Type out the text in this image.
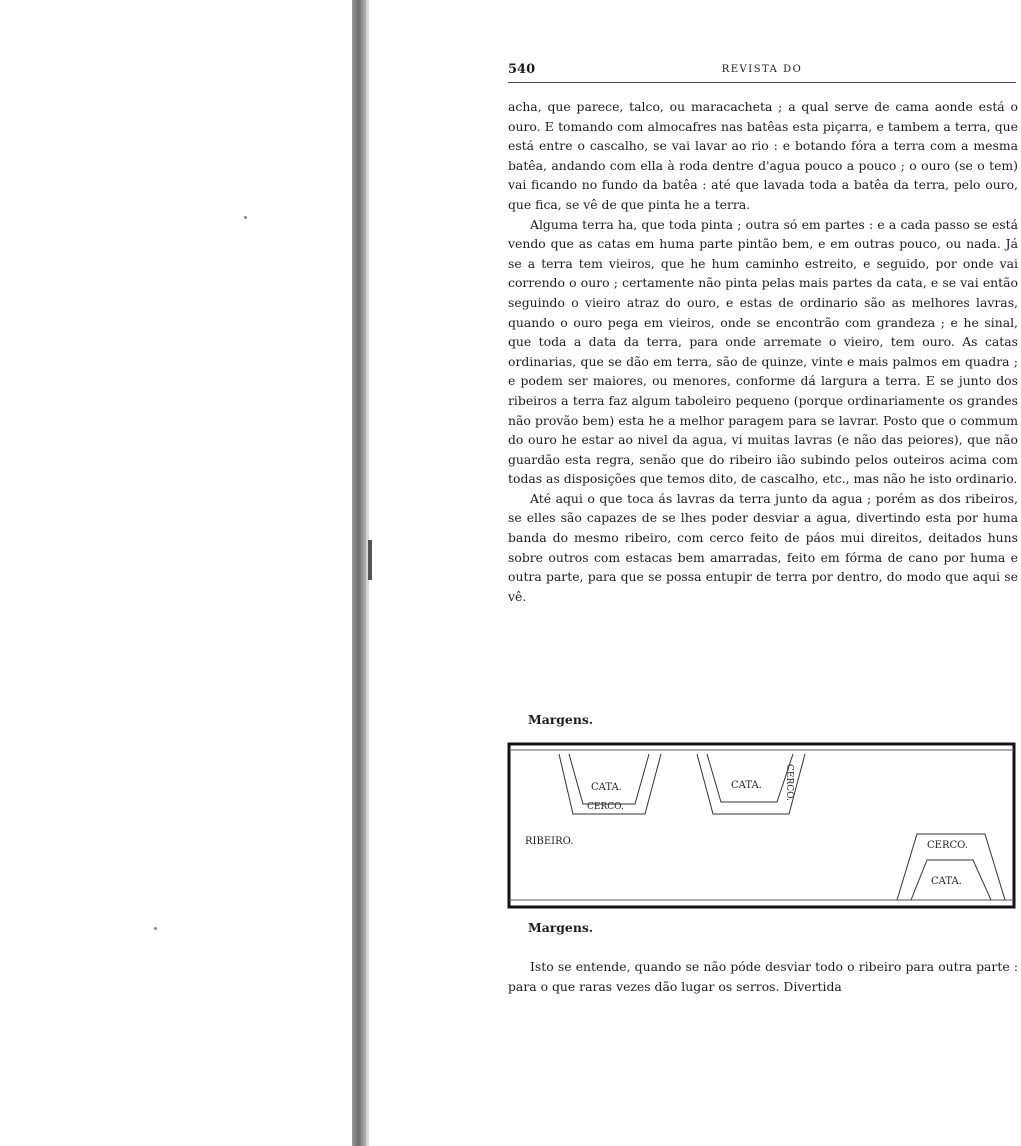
540	REVISTA DO

acha, que parece, talco, ou maracacheta ; a qual serve de cama aonde está o ouro. E tomando com almocafres nas batêas esta piçarra, e tambem a terra, que está entre o cascalho, se vai lavar ao rio : e botando fóra a terra com a mesma batêa, andando com ella à roda dentre d'agua pouco a pouco ; o ouro (se o tem) vai ficando no fundo da batêa : até que lavada toda a batêa da terra, pelo ouro, que fica, se vê de que pinta he a terra.

Alguma terra ha, que toda pinta ; outra só em partes : e a cada passo se está vendo que as catas em huma parte pintão bem, e em outras pouco, ou nada. Já se a terra tem vieiros, que he hum caminho estreito, e seguido, por onde vai correndo o ouro ; certamente não pinta pelas mais partes da cata, e se vai então seguindo o vieiro atraz do ouro, e estas de ordinario são as melhores lavras, quando o ouro pega em vieiros, onde se encontrão com grandeza ; e he sinal, que toda a data da terra, para onde arremate o vieiro, tem ouro. As catas ordinarias, que se dão em terra, são de quinze, vinte e mais palmos em quadra ; e podem ser maiores, ou menores, conforme dá largura a terra. E se junto dos ribeiros a terra faz algum taboleiro pequeno (porque ordinariamente os grandes não provão bem) esta he a melhor paragem para se lavrar. Posto que o commum do ouro he estar ao nivel da agua, vi muitas lavras (e não das peiores), que não guardão esta regra, senão que do ribeiro ião subindo pelos outeiros acima com todas as disposições que temos dito, de cascalho, etc., mas não he isto ordinario.

Até aqui o que toca ás lavras da terra junto da agua ; porém as dos ribeiros, se elles são capazes de se lhes poder desviar a agua, divertindo esta por huma banda do mesmo ribeiro, com cerco feito de páos mui direitos, deitados huns sobre outros com estacas bem amarradas, feito em fórma de cano por huma e outra parte, para que se possa entupir de terra por dentro, do modo que aqui se vê.

Margens.
CATA.
CERCO.
CATA. CERCO.
RIBEIRO.	CERCO.
CATA.
Margens.

Isto se entende, quando se não póde desviar todo o ribeiro para outra parte : para o que raras vezes dão lugar os serros. Divertida
